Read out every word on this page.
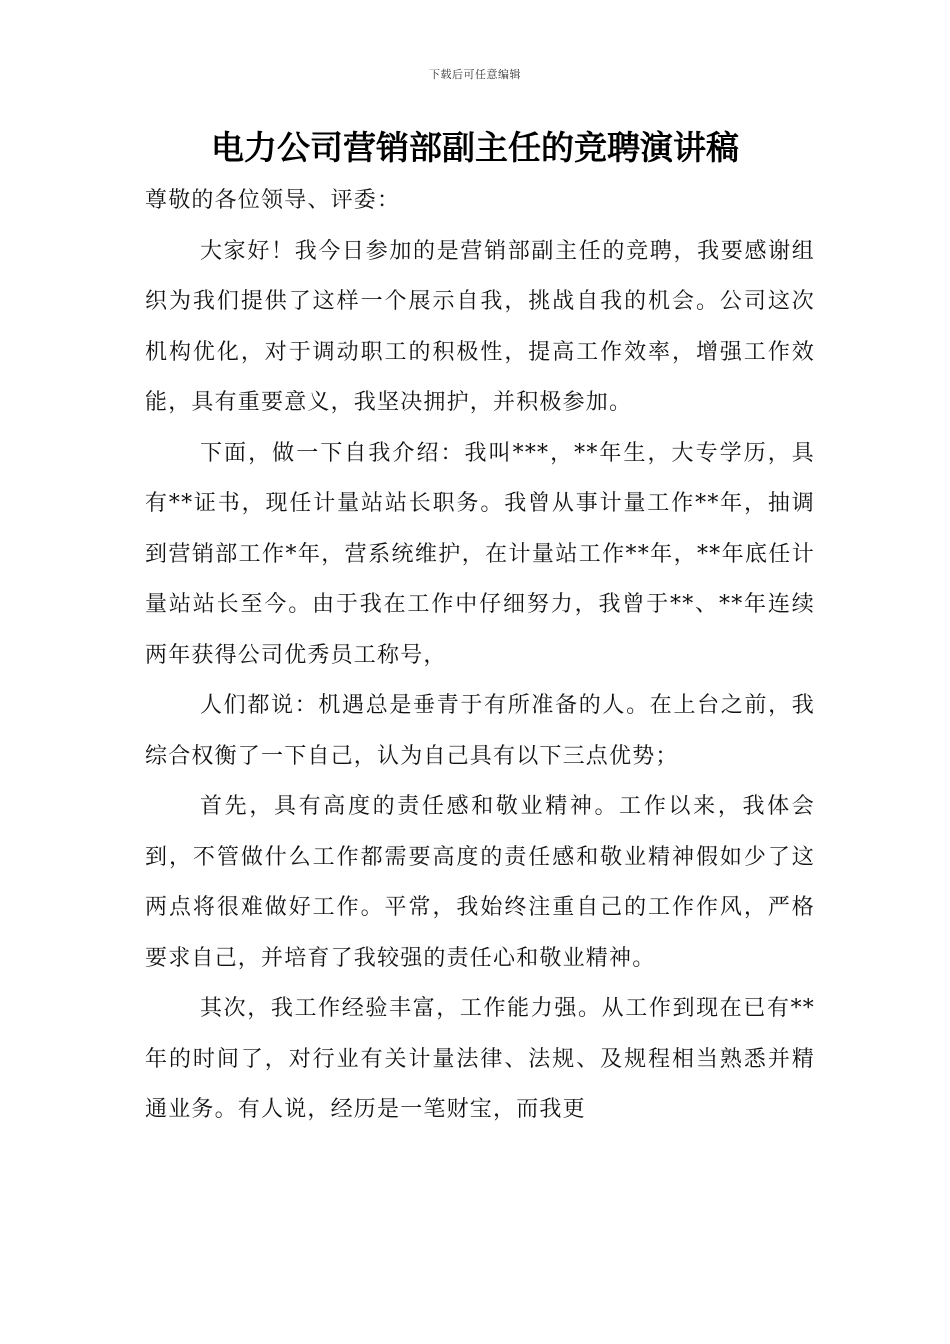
下载后可任意编辑
电力公司营销部副主任的竞聘演讲稿

尊敬的各位领导、评委：

大家好！我今日参加的是营销部副主任的竞聘，我要感谢组织为我们提供了这样一个展示自我，挑战自我的机会。公司这次机构优化，对于调动职工的积极性，提高工作效率，增强工作效能，具有重要意义，我坚决拥护，并积极参加。

下面，做一下自我介绍：我叫***，**年生，大专学历，具有**证书，现任计量站站长职务。我曾从事计量工作**年，抽调到营销部工作*年，营系统维护，在计量站工作**年，**年底任计量站站长至今。由于我在工作中仔细努力，我曾于**、**年连续两年获得公司优秀员工称号，

人们都说：机遇总是垂青于有所准备的人。在上台之前，我综合权衡了一下自己，认为自己具有以下三点优势；

首先，具有高度的责任感和敬业精神。工作以来，我体会到，不管做什么工作都需要高度的责任感和敬业精神假如少了这两点将很难做好工作。平常，我始终注重自己的工作作风，严格要求自己，并培育了我较强的责任心和敬业精神。

其次，我工作经验丰富，工作能力强。从工作到现在已有**年的时间了，对行业有关计量法律、法规、及规程相当熟悉并精通业务。有人说，经历是一笔财宝，而我更
